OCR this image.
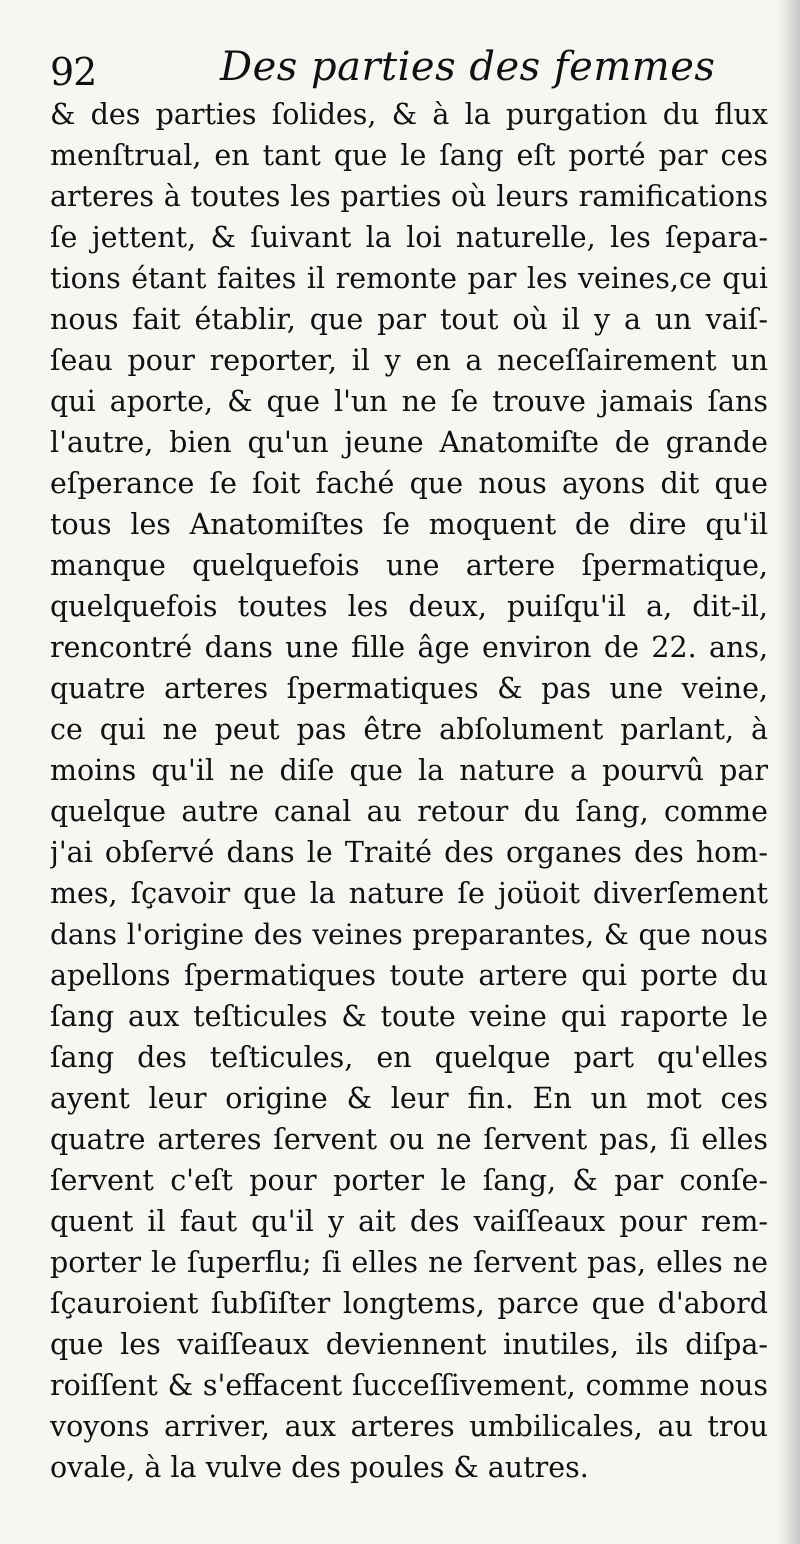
92	Des parties des femmes
& des parties ſolides, & à la purgation du flux
menſtrual, en tant que le ſang eſt porté par ces
arteres à toutes les parties où leurs ramifications
ſe jettent, & ſuivant la loi naturelle, les ſepara-
tions étant faites il remonte par les veines,ce qui
nous fait établir, que par tout où il y a un vaiſ-
ſeau pour reporter, il y en a neceſſairement un
qui aporte, & que l'un ne ſe trouve jamais ſans
l'autre, bien qu'un jeune Anatomiſte de grande
eſperance ſe ſoit faché que nous ayons dit que
tous les Anatomiſtes ſe moquent de dire qu'il
manque quelquefois une artere ſpermatique,
quelquefois toutes les deux, puiſqu'il a, dit-il,
rencontré dans une fille âge environ de 22. ans,
quatre arteres ſpermatiques & pas une veine,
ce qui ne peut pas être abſolument parlant, à
moins qu'il ne diſe que la nature a pourvû par
quelque autre canal au retour du ſang, comme
j'ai obſervé dans le Traité des organes des hom-
mes, ſçavoir que la nature ſe joüoit diverſement
dans l'origine des veines preparantes, & que nous
apellons ſpermatiques toute artere qui porte du
ſang aux teſticules & toute veine qui raporte le
ſang des teſticules, en quelque part qu'elles
ayent leur origine & leur fin. En un mot ces
quatre arteres ſervent ou ne ſervent pas, ſi elles
ſervent c'eſt pour porter le ſang, & par conſe-
quent il faut qu'il y ait des vaiſſeaux pour rem-
porter le ſuperflu; ſi elles ne ſervent pas, elles ne
ſçauroient ſubſiſter longtems, parce que d'abord
que les vaiſſeaux deviennent inutiles, ils diſpa-
roiſſent & s'effacent ſucceſſivement, comme nous
voyons arriver, aux arteres umbilicales, au trou
ovale, à la vulve des poules & autres.
